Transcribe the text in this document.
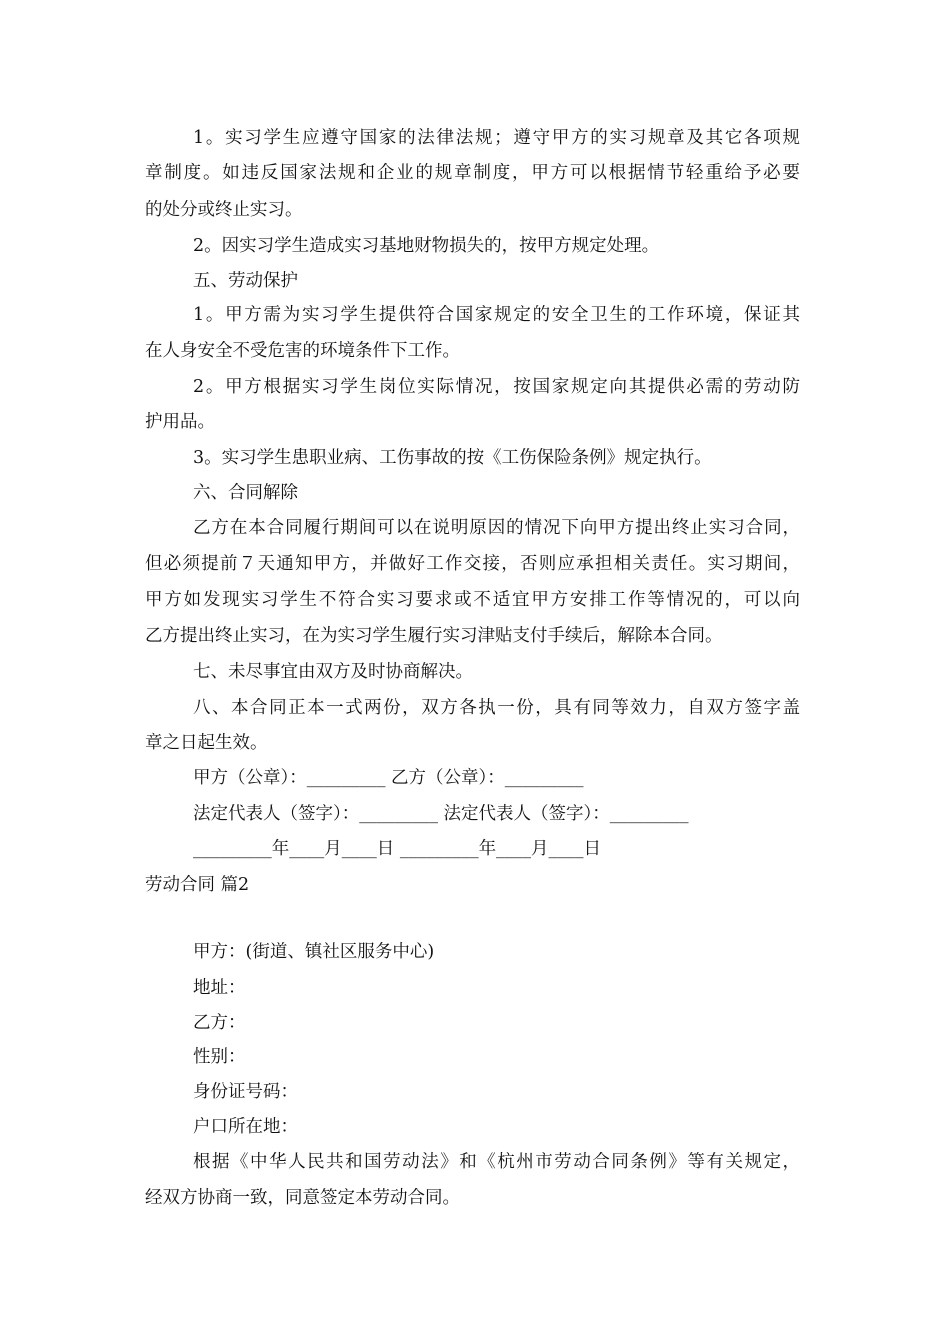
1。实习学生应遵守国家的法律法规；遵守甲方的实习规章及其它各项规
章制度。如违反国家法规和企业的规章制度，甲方可以根据情节轻重给予必要
的处分或终止实习。
2。因实习学生造成实习基地财物损失的，按甲方规定处理。
五、劳动保护
1。甲方需为实习学生提供符合国家规定的安全卫生的工作环境，保证其
在人身安全不受危害的环境条件下工作。
2。甲方根据实习学生岗位实际情况，按国家规定向其提供必需的劳动防
护用品。
3。实习学生患职业病、工伤事故的按《工伤保险条例》规定执行。
六、合同解除
乙方在本合同履行期间可以在说明原因的情况下向甲方提出终止实习合同，
但必须提前７天通知甲方，并做好工作交接，否则应承担相关责任。实习期间，
甲方如发现实习学生不符合实习要求或不适宜甲方安排工作等情况的，可以向
乙方提出终止实习，在为实习学生履行实习津贴支付手续后，解除本合同。
七、未尽事宜由双方及时协商解决。
八、本合同正本一式两份，双方各执一份，具有同等效力，自双方签字盖
章之日起生效。
甲方（公章）：_________ 乙方（公章）：_________
法定代表人（签字）：_________ 法定代表人（签字）：_________
_________年____月____日 _________年____月____日
劳动合同 篇2
甲方：(街道、镇社区服务中心)
地址：
乙方：
性别：
身份证号码：
户口所在地：
根据《中华人民共和国劳动法》和《杭州市劳动合同条例》等有关规定，
经双方协商一致，同意签定本劳动合同。
